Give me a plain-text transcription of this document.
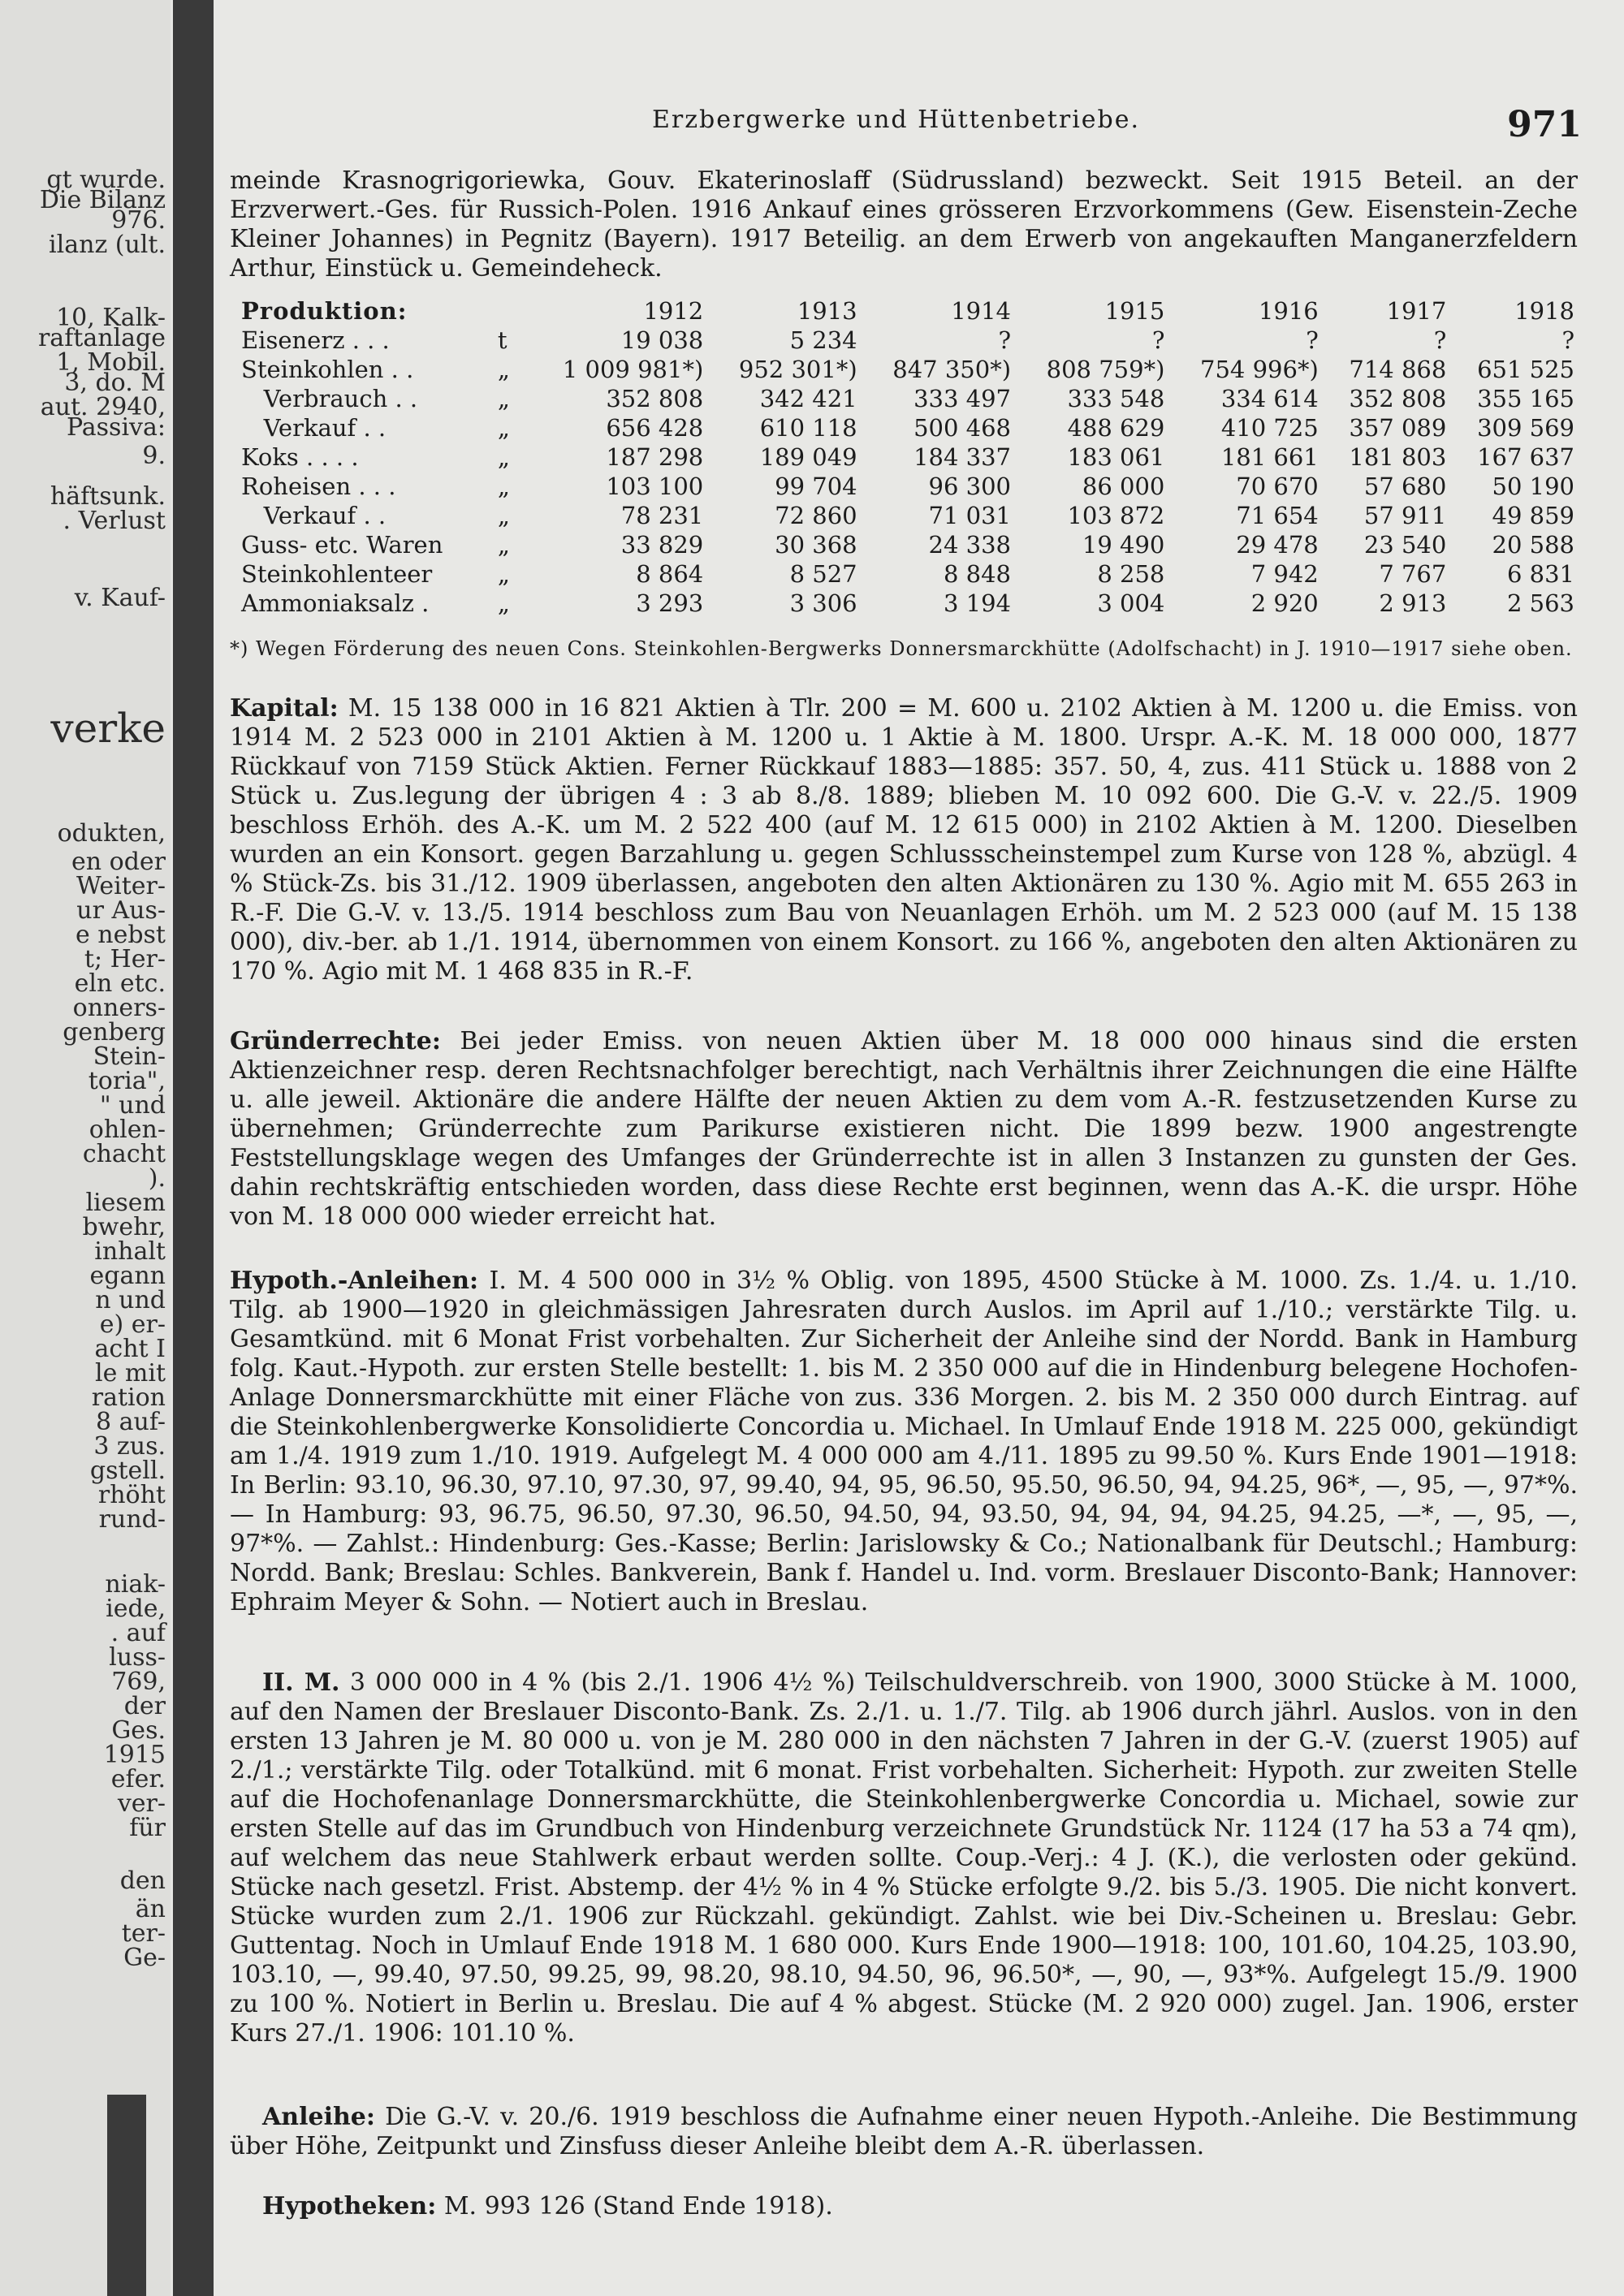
gt wurde.
Die Bilanz
976.
ilanz (ult.
10, Kalk-
raftanlage
1, Mobil.
3, do. M
aut. 2940,
Passiva:
9.
häftsunk.
. Verlust
v. Kauf-
verke
odukten,
en oder
Weiter-
ur Aus-
e nebst
t; Her-
eln etc.
onners-
genberg
Stein-
toria",
" und
ohlen-
chacht
).
liesem
bwehr,
inhalt
egann
n und
e) er-
acht I
le mit
ration
8 auf-
3 zus.
gstell.
rhöht
rund-
niak-
iede,
. auf
luss-
769,
der
Ges.
1915
efer.
ver-
für
den
än
ter-
Ge-
Erzbergwerke und Hüttenbetriebe.	971
meinde Krasnogrigoriewka, Gouv. Ekaterinoslaff (Südrussland) bezweckt. Seit 1915 Beteil. an der Erzverwert.-Ges. für Russich-Polen. 1916 Ankauf eines grösseren Erzvorkommens (Gew. Eisenstein-Zeche Kleiner Johannes) in Pegnitz (Bayern). 1917 Beteilig. an dem Erwerb von angekauften Manganerzfeldern Arthur, Einstück u. Gemeindeheck.
Produktion:		1912	1913	1914	1915	1916	1917	1918
Eisenerz . . .	t	19 038	5 234	?	?	?	?	?
Steinkohlen . .	„	1 009 981*)	952 301*)	847 350*)	808 759*)	754 996*)	714 868	651 525
Verbrauch . .	„	352 808	342 421	333 497	333 548	334 614	352 808	355 165
Verkauf . .	„	656 428	610 118	500 468	488 629	410 725	357 089	309 569
Koks . . . .	„	187 298	189 049	184 337	183 061	181 661	181 803	167 637
Roheisen . . .	„	103 100	99 704	96 300	86 000	70 670	57 680	50 190
Verkauf . .	„	78 231	72 860	71 031	103 872	71 654	57 911	49 859
Guss- etc. Waren	„	33 829	30 368	24 338	19 490	29 478	23 540	20 588
Steinkohlenteer	„	8 864	8 527	8 848	8 258	7 942	7 767	6 831
Ammoniaksalz .	„	3 293	3 306	3 194	3 004	2 920	2 913	2 563
*) Wegen Förderung des neuen Cons. Steinkohlen-Bergwerks Donnersmarckhütte (Adolfschacht) in J. 1910—1917 siehe oben.
Kapital: M. 15 138 000 in 16 821 Aktien à Tlr. 200 = M. 600 u. 2102 Aktien à M. 1200 u. die Emiss. von 1914 M. 2 523 000 in 2101 Aktien à M. 1200 u. 1 Aktie à M. 1800. Urspr. A.-K. M. 18 000 000, 1877 Rückkauf von 7159 Stück Aktien. Ferner Rückkauf 1883—1885: 357. 50, 4, zus. 411 Stück u. 1888 von 2 Stück u. Zus.legung der übrigen 4 : 3 ab 8./8. 1889; blieben M. 10 092 600. Die G.-V. v. 22./5. 1909 beschloss Erhöh. des A.-K. um M. 2 522 400 (auf M. 12 615 000) in 2102 Aktien à M. 1200. Dieselben wurden an ein Konsort. gegen Barzahlung u. gegen Schlussscheinstempel zum Kurse von 128 %, abzügl. 4 % Stück-Zs. bis 31./12. 1909 überlassen, angeboten den alten Aktionären zu 130 %. Agio mit M. 655 263 in R.-F. Die G.-V. v. 13./5. 1914 beschloss zum Bau von Neuanlagen Erhöh. um M. 2 523 000 (auf M. 15 138 000), div.-ber. ab 1./1. 1914, übernommen von einem Konsort. zu 166 %, angeboten den alten Aktionären zu 170 %. Agio mit M. 1 468 835 in R.-F.
Gründerrechte: Bei jeder Emiss. von neuen Aktien über M. 18 000 000 hinaus sind die ersten Aktienzeichner resp. deren Rechtsnachfolger berechtigt, nach Verhältnis ihrer Zeichnungen die eine Hälfte u. alle jeweil. Aktionäre die andere Hälfte der neuen Aktien zu dem vom A.-R. festzusetzenden Kurse zu übernehmen; Gründerrechte zum Parikurse existieren nicht. Die 1899 bezw. 1900 angestrengte Feststellungsklage wegen des Umfanges der Gründerrechte ist in allen 3 Instanzen zu gunsten der Ges. dahin rechtskräftig entschieden worden, dass diese Rechte erst beginnen, wenn das A.-K. die urspr. Höhe von M. 18 000 000 wieder erreicht hat.
Hypoth.-Anleihen: I. M. 4 500 000 in 3½ % Oblig. von 1895, 4500 Stücke à M. 1000. Zs. 1./4. u. 1./10. Tilg. ab 1900—1920 in gleichmässigen Jahresraten durch Auslos. im April auf 1./10.; verstärkte Tilg. u. Gesamtkünd. mit 6 Monat Frist vorbehalten. Zur Sicherheit der Anleihe sind der Nordd. Bank in Hamburg folg. Kaut.-Hypoth. zur ersten Stelle bestellt: 1. bis M. 2 350 000 auf die in Hindenburg belegene Hochofen-Anlage Donnersmarckhütte mit einer Fläche von zus. 336 Morgen. 2. bis M. 2 350 000 durch Eintrag. auf die Steinkohlenbergwerke Konsolidierte Concordia u. Michael. In Umlauf Ende 1918 M. 225 000, gekündigt am 1./4. 1919 zum 1./10. 1919. Aufgelegt M. 4 000 000 am 4./11. 1895 zu 99.50 %. Kurs Ende 1901—1918: In Berlin: 93.10, 96.30, 97.10, 97.30, 97, 99.40, 94, 95, 96.50, 95.50, 96.50, 94, 94.25, 96*, —, 95, —, 97*%. — In Hamburg: 93, 96.75, 96.50, 97.30, 96.50, 94.50, 94, 93.50, 94, 94, 94, 94.25, 94.25, —*, —, 95, —, 97*%. — Zahlst.: Hindenburg: Ges.-Kasse; Berlin: Jarislowsky & Co.; Nationalbank für Deutschl.; Hamburg: Nordd. Bank; Breslau: Schles. Bankverein, Bank f. Handel u. Ind. vorm. Breslauer Disconto-Bank; Hannover: Ephraim Meyer & Sohn. — Notiert auch in Breslau.
II. M. 3 000 000 in 4 % (bis 2./1. 1906 4½ %) Teilschuldverschreib. von 1900, 3000 Stücke à M. 1000, auf den Namen der Breslauer Disconto-Bank. Zs. 2./1. u. 1./7. Tilg. ab 1906 durch jährl. Auslos. von in den ersten 13 Jahren je M. 80 000 u. von je M. 280 000 in den nächsten 7 Jahren in der G.-V. (zuerst 1905) auf 2./1.; verstärkte Tilg. oder Totalkünd. mit 6 monat. Frist vorbehalten. Sicherheit: Hypoth. zur zweiten Stelle auf die Hochofenanlage Donnersmarckhütte, die Steinkohlenbergwerke Concordia u. Michael, sowie zur ersten Stelle auf das im Grundbuch von Hindenburg verzeichnete Grundstück Nr. 1124 (17 ha 53 a 74 qm), auf welchem das neue Stahlwerk erbaut werden sollte. Coup.-Verj.: 4 J. (K.), die verlosten oder gekünd. Stücke nach gesetzl. Frist. Abstemp. der 4½ % in 4 % Stücke erfolgte 9./2. bis 5./3. 1905. Die nicht konvert. Stücke wurden zum 2./1. 1906 zur Rückzahl. gekündigt. Zahlst. wie bei Div.-Scheinen u. Breslau: Gebr. Guttentag. Noch in Umlauf Ende 1918 M. 1 680 000. Kurs Ende 1900—1918: 100, 101.60, 104.25, 103.90, 103.10, —, 99.40, 97.50, 99.25, 99, 98.20, 98.10, 94.50, 96, 96.50*, —, 90, —, 93*%. Aufgelegt 15./9. 1900 zu 100 %. Notiert in Berlin u. Breslau. Die auf 4 % abgest. Stücke (M. 2 920 000) zugel. Jan. 1906, erster Kurs 27./1. 1906: 101.10 %.
Anleihe: Die G.-V. v. 20./6. 1919 beschloss die Aufnahme einer neuen Hypoth.-Anleihe. Die Bestimmung über Höhe, Zeitpunkt und Zinsfuss dieser Anleihe bleibt dem A.-R. überlassen.
Hypotheken: M. 993 126 (Stand Ende 1918).
